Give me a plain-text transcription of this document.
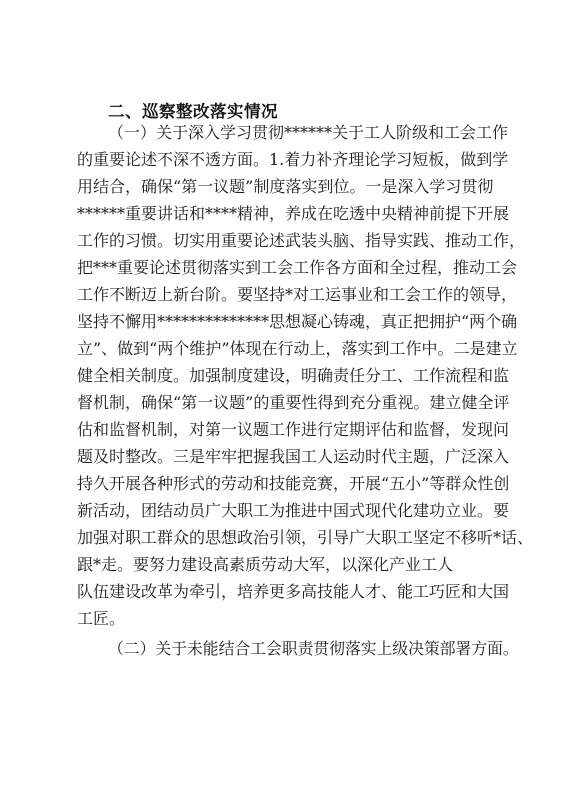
二、巡察整改落实情况
（一）关于深入学习贯彻******关于工人阶级和工会工作
的重要论述不深不透方面。1.着力补齐理论学习短板，做到学
用结合，确保“第一议题”制度落实到位。一是深入学习贯彻
******重要讲话和****精神，养成在吃透中央精神前提下开展
工作的习惯。切实用重要论述武装头脑、指导实践、推动工作，
把***重要论述贯彻落实到工会工作各方面和全过程，推动工会
工作不断迈上新台阶。要坚持*对工运事业和工会工作的领导，
坚持不懈用**************思想凝心铸魂，真正把拥护“两个确
立”、做到“两个维护”体现在行动上，落实到工作中。二是建立
健全相关制度。加强制度建设，明确责任分工、工作流程和监
督机制，确保“第一议题”的重要性得到充分重视。建立健全评
估和监督机制，对第一议题工作进行定期评估和监督，发现问
题及时整改。三是牢牢把握我国工人运动时代主题，广泛深入
持久开展各种形式的劳动和技能竞赛，开展“五小”等群众性创
新活动，团结动员广大职工为推进中国式现代化建功立业。要
加强对职工群众的思想政治引领，引导广大职工坚定不移听*话、
跟*走。要努力建设高素质劳动大军，以深化产业工人
队伍建设改革为牵引，培养更多高技能人才、能工巧匠和大国
工匠。
（二）关于未能结合工会职责贯彻落实上级决策部署方面。
